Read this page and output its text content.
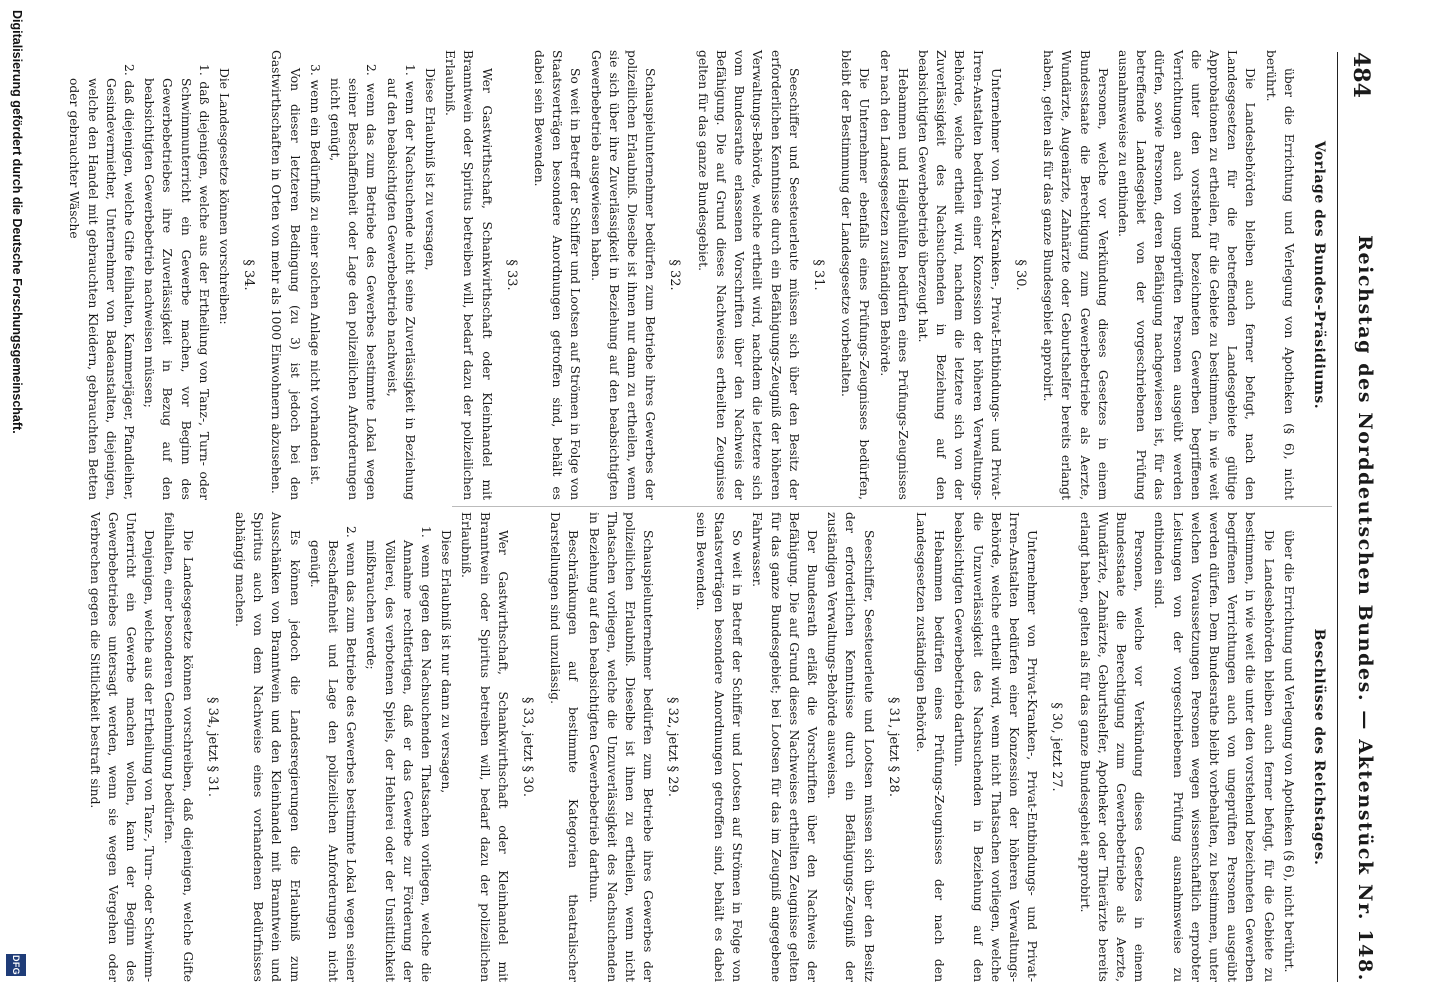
484
Reichstag des Norddeutschen Bundes. — Aktenstück Nr. 148.
Vorlage des Bundes-Präsidiums.
über die Errichtung und Verlegung von Apotheken (§ 6), nicht berührt.
Die Landesbehörden bleiben auch ferner befugt, nach den Landesgesetzen für die betreffenden Landesgebiete gültige Approbationen zu ertheilen, für die Gebiete zu bestimmen, in wie weit die unter den vorstehend bezeichneten Gewerben begriffenen Verrichtungen auch von ungeprüften Personen ausgeübt werden dürfen, sowie Personen, deren Befähigung nachgewiesen ist, für das betreffende Landesgebiet von der vorgeschriebenen Prüfung ausnahmsweise zu entbinden.
Personen, welche vor Verkündung dieses Gesetzes in einem Bundesstaate die Berechtigung zum Gewerbebetriebe als Aerzte, Wundärzte, Augenärzte, Zahnärzte oder Geburtshelfer bereits erlangt haben, gelten als für das ganze Bundesgebiet approbirt.
§ 30.
Unternehmer von Privat-Kranken-, Privat-Entbindungs- und Privat-Irren-Anstalten bedürfen einer Konzession der höheren Verwaltungs-Behörde, welche ertheilt wird, nachdem die letztere sich von der Zuverlässigkeit des Nachsuchenden in Beziehung auf den beabsichtigten Gewerbebetrieb überzeugt hat.
Hebammen und Heilgehülfen bedürfen eines Prüfungs-Zeugnisses der nach den Landesgesetzen zuständigen Behörde.
Die Unternehmer ebenfalls eines Prüfungs-Zeugnisses bedürfen, bleibt der Bestimmung der Landesgesetze vorbehalten.
§ 31.
Seeschiffer und Seesteuerleute müssen sich über den Besitz der erforderlichen Kenntnisse durch ein Befähigungs-Zeugniß der höheren Verwaltungs-Behörde, welche ertheilt wird, nachdem die letztere sich vom Bundesrathe erlassenen Vorschriften über den Nachweis der Befähigung. Die auf Grund dieses Nachweises ertheilten Zeugnisse gelten für das ganze Bundesgebiet.
§ 32.
Schauspielunternehmer bedürfen zum Betriebe ihres Gewerbes der polizeilichen Erlaubniß. Dieselbe ist ihnen nur dann zu ertheilen, wenn sie sich über ihre Zuverlässigkeit in Beziehung auf den beabsichtigten Gewerbebetrieb ausgewiesen haben.
So weit in Betreff der Schiffer und Lootsen auf Strömen in Folge von Staatsverträgen besondere Anordnungen getroffen sind, behält es dabei sein Bewenden.
§ 33.
Wer Gastwirthschaft, Schankwirthschaft oder Kleinhandel mit Branntwein oder Spiritus betreiben will, bedarf dazu der polizeilichen Erlaubniß.
Diese Erlaubniß ist zu versagen,
1. wenn der Nachsuchende nicht seine Zuverlässigkeit in Beziehung auf den beabsichtigten Gewerbebetrieb nachweist,
2. wenn das zum Betriebe des Gewerbes bestimmte Lokal wegen seiner Beschaffenheit oder Lage den polizeilichen Anforderungen nicht genügt,
3. wenn ein Bedürfniß zu einer solchen Anlage nicht vorhanden ist.
Von dieser letzteren Bedingung (zu 3) ist jedoch bei den Gastwirthschaften in Orten von mehr als 1000 Einwohnern abzusehen.
§ 34.
Die Landesgesetze können vorschreiben:
1. daß diejenigen, welche aus der Ertheilung von Tanz-, Turn- oder Schwimmunterricht ein Gewerbe machen, vor Beginn des Gewerbebetriebes ihre Zuverlässigkeit in Bezug auf den beabsichtigten Gewerbebetrieb nachweisen müssen;
2. daß diejenigen, welche Gifte feilhalten, Kammerjäger, Pfandleiher, Gesindevermiether, Unternehmer von Badeanstalten, diejenigen, welche den Handel mit gebrauchten Kleidern, gebrauchten Betten oder gebrauchter Wäsche
Beschlüsse des Reichstages.
über die Errichtung und Verlegung von Apotheken (§ 6), nicht berührt.
Die Landesbehörden bleiben auch ferner befugt, für die Gebiete zu bestimmen, in wie weit die unter den vorstehend bezeichneten Gewerben begriffenen Verrichtungen auch von ungeprüften Personen ausgeübt werden dürfen. Dem Bundesrathe bleibt vorbehalten, zu bestimmen, unter welchen Voraussetzungen Personen wegen wissenschaftlich erprobter Leistungen von der vorgeschriebenen Prüfung ausnahmsweise zu entbinden sind.
Personen, welche vor Verkündung dieses Gesetzes in einem Bundesstaate die Berechtigung zum Gewerbebetriebe als Aerzte, Wundärzte, Zahnärzte, Geburtshelfer, Apotheker oder Thierärzte bereits erlangt haben, gelten als für das ganze Bundesgebiet approbirt.
§ 30, jetzt 27.
Unternehmer von Privat-Kranken-, Privat-Entbindungs- und Privat-Irren-Anstalten bedürfen einer Konzession der höheren Verwaltungs-Behörde, welche ertheilt wird, wenn nicht Thatsachen vorliegen, welche die Unzuverlässigkeit des Nachsuchenden in Beziehung auf den beabsichtigten Gewerbebetrieb darthun.
Hebammen bedürfen eines Prüfungs-Zeugnisses der nach den Landesgesetzen zuständigen Behörde.
§ 31, jetzt § 28.
Seeschiffer, Seesteuerleute und Lootsen müssen sich über den Besitz der erforderlichen Kenntnisse durch ein Befähigungs-Zeugniß der zuständigen Verwaltungs-Behörde ausweisen.
Der Bundesrath erläßt die Vorschriften über den Nachweis der Befähigung. Die auf Grund dieses Nachweises ertheilten Zeugnisse gelten für das ganze Bundesgebiet; bei Lootsen für das im Zeugniß angegebene Fahrwasser.
So weit in Betreff der Schiffer und Lootsen auf Strömen in Folge von Staatsverträgen besondere Anordnungen getroffen sind, behält es dabei sein Bewenden.
§ 32, jetzt § 29.
Schauspielunternehmer bedürfen zum Betriebe ihres Gewerbes der polizeilichen Erlaubniß. Dieselbe ist ihnen zu ertheilen, wenn nicht Thatsachen vorliegen, welche die Unzuverlässigkeit des Nachsuchenden in Beziehung auf den beabsichtigten Gewerbebetrieb darthun.
Beschränkungen auf bestimmte Kategorien theatralischer Darstellungen sind unzulässig.
§ 33, jetzt § 30.
Wer Gastwirthschaft, Schankwirthschaft oder Kleinhandel mit Branntwein oder Spiritus betreiben will, bedarf dazu der polizeilichen Erlaubniß.
Diese Erlaubniß ist nur dann zu versagen,
1. wenn gegen den Nachsuchenden Thatsachen vorliegen, welche die Annahme rechtfertigen, daß er das Gewerbe zur Förderung der Völlerei, des verbotenen Spiels, der Hehlerei oder der Unsittlichkeit mißbrauchen werde;
2. wenn das zum Betriebe des Gewerbes bestimmte Lokal wegen seiner Beschaffenheit und Lage den polizeilichen Anforderungen nicht genügt.
Es können jedoch die Landesregierungen die Erlaubniß zum Ausschänken von Branntwein und den Kleinhandel mit Branntwein und Spiritus auch von dem Nachweise eines vorhandenen Bedürfnisses abhängig machen.
§ 34, jetzt § 31.
Die Landesgesetze können vorschreiben, daß diejenigen, welche Gifte feilhalten, einer besonderen Genehmigung bedürfen.
Denjenigen, welche aus der Ertheilung von Tanz-, Turn- oder Schwimm-Unterricht ein Gewerbe machen wollen, kann der Beginn des Gewerbebetriebes untersagt werden, wenn sie wegen Vergehen oder Verbrechen gegen die Sittlichkeit bestraft sind.
Digitalisierung gefördert durch die Deutsche Forschungsgemeinschaft.
DFG
